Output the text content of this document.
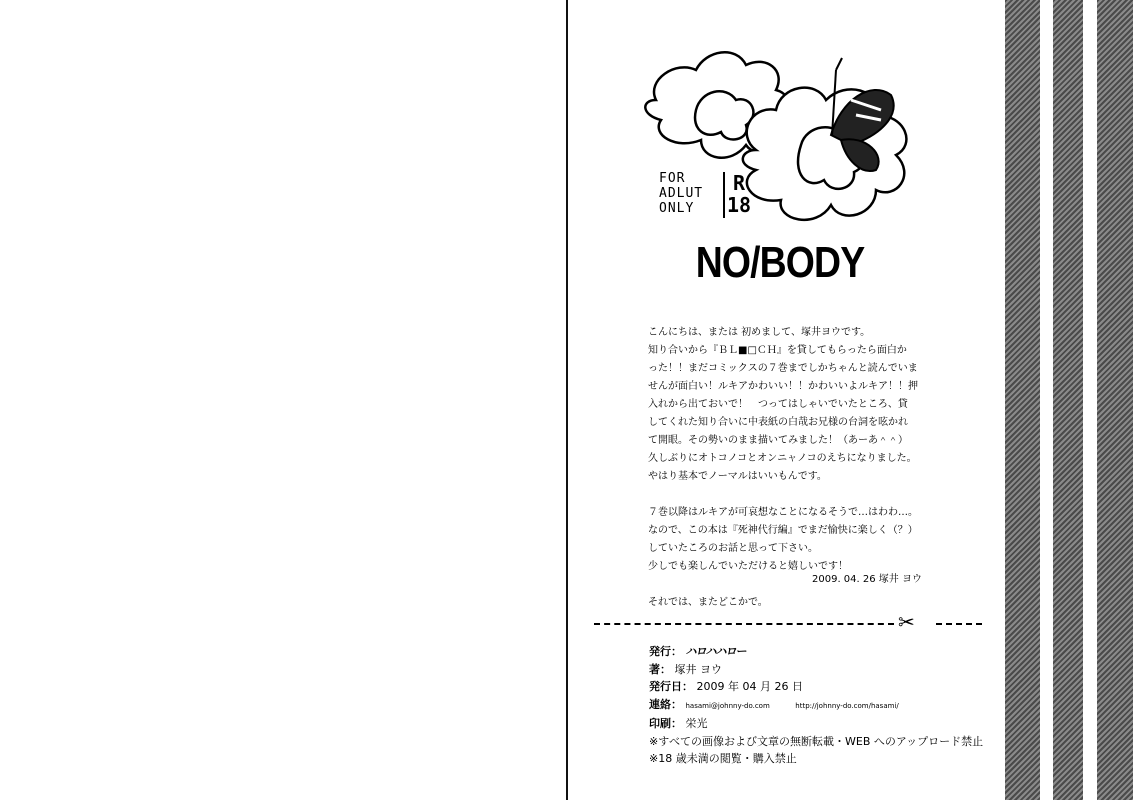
FOR
ADLUT
ONLY
R
18
NO/BODY

こんにちは、または 初めまして、塚井ヨウです。

知り合いから『ＢＬ■□ＣＨ』を貸してもらったら面白か

った！！まだコミックスの７巻までしかちゃんと読んでいま

せんが面白い！ルキアかわいい！！かわいいよルキア！！押

入れから出ておいで！　つってはしゃいでいたところ、貸

してくれた知り合いに中表紙の白哉お兄様の台詞を呟かれ

て開眼。その勢いのまま描いてみました！（あーあ＾＾）

久しぶりにオトコノコとオンニャノコのえちになりました。

やはり基本でノーマルはいいもんです。

７巻以降はルキアが可哀想なことになるそうで…はわわ…。

なので、この本は『死神代行編』でまだ愉快に楽しく（？）

していたころのお話と思って下さい。

少しでも楽しんでいただけると嬉しいです！

それでは、またどこかで。

2009. 04. 26 塚井 ヨウ
✂
発行： ハロハハロー
著： 塚井 ヨウ
発行日： 2009 年 04 月 26 日
連絡： hasami@johnny-do.com	http://johnny-do.com/hasami/
印刷： 栄光
※すべての画像および文章の無断転載・WEB へのアップロード禁止
※18 歳未満の閲覧・購入禁止
